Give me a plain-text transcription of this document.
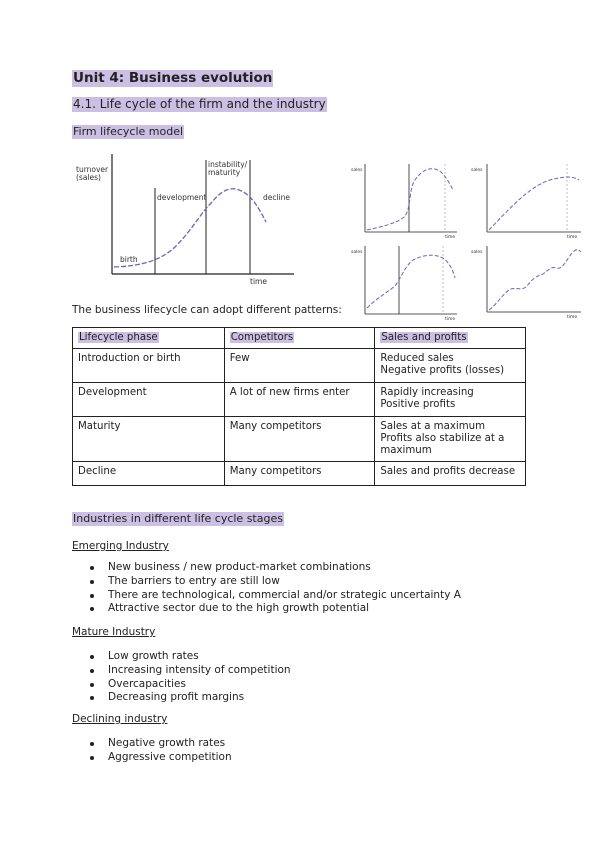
Unit 4: Business evolution
4.1. Life cycle of the firm and the industry
Firm lifecycle model
turnover
(sales)
time
birth
development
instability/
maturity
decline
sales
time
sales
time
sales
time
sales
time
The business lifecycle can adopt different patterns:
Lifecycle phase	Competitors	Sales and profits
Introduction or birth	Few	Reduced sales
Negative profits (losses)

Development	A lot of new firms enter	Rapidly increasing
Positive profits

Maturity	Many competitors	Sales at a maximum
Profits also stabilize at a maximum

Decline	Many competitors	Sales and profits decrease
Industries in different life cycle stages
Emerging Industry
New business / new product-market combinations
The barriers to entry are still low
There are technological, commercial and/or strategic uncertainty A
Attractive sector due to the high growth potential
Mature Industry
Low growth rates
Increasing intensity of competition
Overcapacities
Decreasing profit margins
Declining industry
Negative growth rates
Aggressive competition
